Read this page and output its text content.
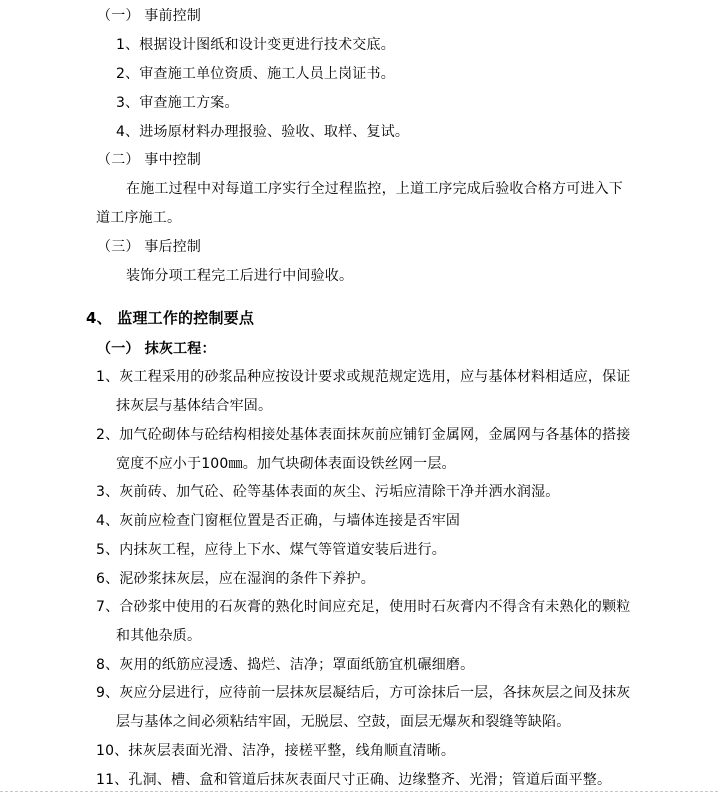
（一） 事前控制
1、根据设计图纸和设计变更进行技术交底。
2、审查施工单位资质、施工人员上岗证书。
3、审查施工方案。
4、进场原材料办理报验、验收、取样、复试。
（二） 事中控制
在施工过程中对每道工序实行全过程监控，上道工序完成后验收合格方可进入下
道工序施工。
（三） 事后控制
装饰分项工程完工后进行中间验收。
4、 监理工作的控制要点
（一） 抹灰工程：
1、灰工程采用的砂浆品种应按设计要求或规范规定选用，应与基体材料相适应，保证
抹灰层与基体结合牢固。
2、加气砼砌体与砼结构相接处基体表面抹灰前应铺钉金属网，金属网与各基体的搭接
宽度不应小于100㎜。加气块砌体表面设铁丝网一层。
3、灰前砖、加气砼、砼等基体表面的灰尘、污垢应清除干净并洒水润湿。
4、灰前应检查门窗框位置是否正确，与墙体连接是否牢固
5、内抹灰工程，应待上下水、煤气等管道安装后进行。
6、泥砂浆抹灰层，应在湿润的条件下养护。
7、合砂浆中使用的石灰膏的熟化时间应充足，使用时石灰膏内不得含有未熟化的颗粒
和其他杂质。
8、灰用的纸筋应浸透、捣烂、洁净；罩面纸筋宜机碾细磨。
9、灰应分层进行，应待前一层抹灰层凝结后，方可涂抹后一层，各抹灰层之间及抹灰
层与基体之间必须粘结牢固，无脱层、空鼓，面层无爆灰和裂缝等缺陷。
10、抹灰层表面光滑、洁净，接槎平整，线角顺直清晰。
11、孔洞、槽、盒和管道后抹灰表面尺寸正确、边缘整齐、光滑；管道后面平整。
